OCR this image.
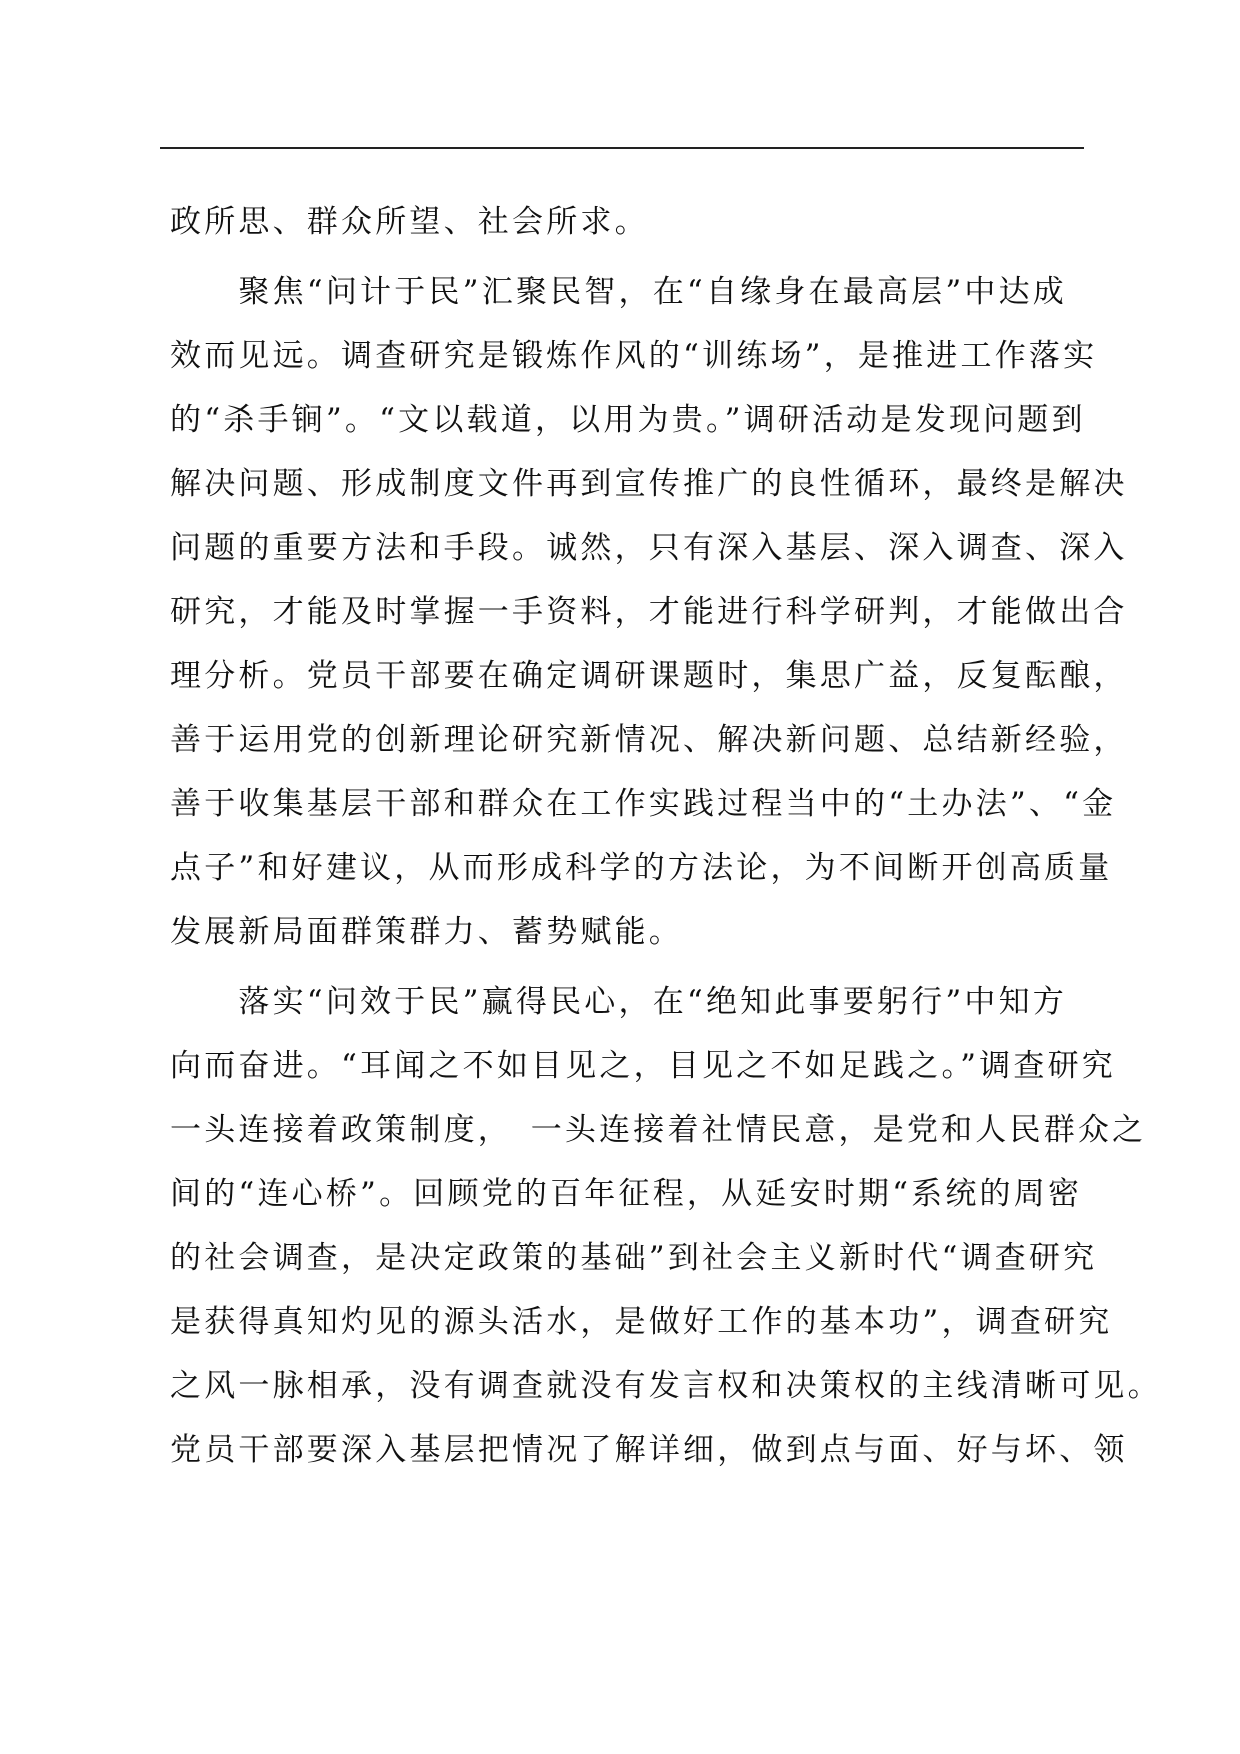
政所思、群众所望、社会所求。
　　聚焦“问计于民”汇聚民智，在“自缘身在最高层”中达成
效而见远。调查研究是锻炼作风的“训练场”，是推进工作落实
的“杀手锏”。“文以载道，以用为贵。”调研活动是发现问题到
解决问题、形成制度文件再到宣传推广的良性循环，最终是解决
问题的重要方法和手段。诚然，只有深入基层、深入调查、深入
研究，才能及时掌握一手资料，才能进行科学研判，才能做出合
理分析。党员干部要在确定调研课题时，集思广益，反复酝酿，
善于运用党的创新理论研究新情况、解决新问题、总结新经验，
善于收集基层干部和群众在工作实践过程当中的“土办法”、“金
点子”和好建议，从而形成科学的方法论，为不间断开创高质量
发展新局面群策群力、蓄势赋能。
　　落实“问效于民”赢得民心，在“绝知此事要躬行”中知方
向而奋进。“耳闻之不如目见之，目见之不如足践之。”调查研究
一头连接着政策制度，　一头连接着社情民意，是党和人民群众之
间的“连心桥”。回顾党的百年征程，从延安时期“系统的周密
的社会调查，是决定政策的基础”到社会主义新时代“调查研究
是获得真知灼见的源头活水，是做好工作的基本功”，调查研究
之风一脉相承，没有调查就没有发言权和决策权的主线清晰可见。
党员干部要深入基层把情况了解详细，做到点与面、好与坏、领
